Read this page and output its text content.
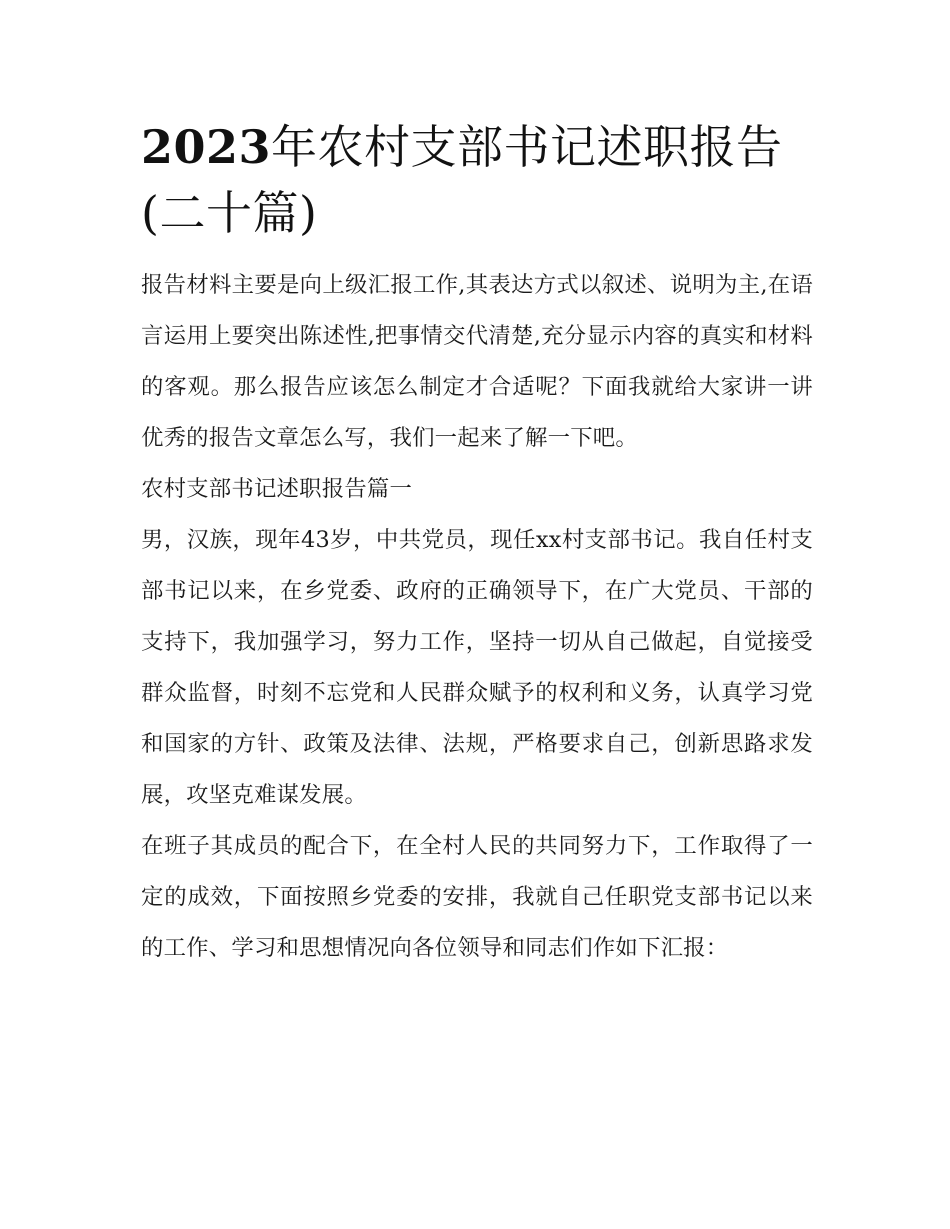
2023年农村支部书记述职报告(二十篇)

报告材料主要是向上级汇报工作,其表达方式以叙述、说明为主,在语言运用上要突出陈述性,把事情交代清楚,充分显示内容的真实和材料的客观。那么报告应该怎么制定才合适呢？下面我就给大家讲一讲优秀的报告文章怎么写，我们一起来了解一下吧。

农村支部书记述职报告篇一

男，汉族，现年43岁，中共党员，现任xx村支部书记。我自任村支部书记以来，在乡党委、政府的正确领导下，在广大党员、干部的支持下，我加强学习，努力工作，坚持一切从自己做起，自觉接受群众监督，时刻不忘党和人民群众赋予的权利和义务，认真学习党和国家的方针、政策及法律、法规，严格要求自己，创新思路求发展，攻坚克难谋发展。

在班子其成员的配合下，在全村人民的共同努力下，工作取得了一定的成效，下面按照乡党委的安排，我就自己任职党支部书记以来的工作、学习和思想情况向各位领导和同志们作如下汇报：
